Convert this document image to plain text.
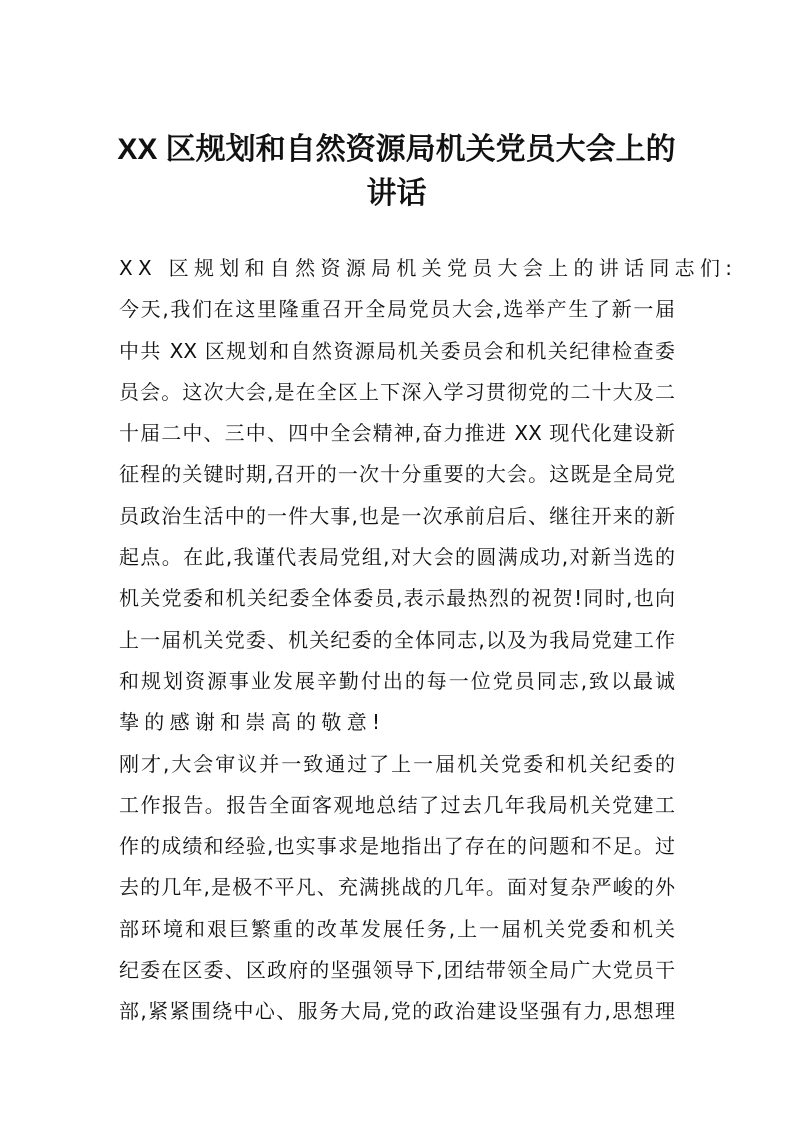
XX 区规划和自然资源局机关党员大会上的
讲话
XX 区规划和自然资源局机关党员大会上的讲话同志们:
今天,我们在这里隆重召开全局党员大会,选举产生了新一届
中共 XX 区规划和自然资源局机关委员会和机关纪律检查委
员会。这次大会,是在全区上下深入学习贯彻党的二十大及二
十届二中、三中、四中全会精神,奋力推进 XX 现代化建设新
征程的关键时期,召开的一次十分重要的大会。这既是全局党
员政治生活中的一件大事,也是一次承前启后、继往开来的新
起点。在此,我谨代表局党组,对大会的圆满成功,对新当选的
机关党委和机关纪委全体委员,表示最热烈的祝贺!同时,也向
上一届机关党委、机关纪委的全体同志,以及为我局党建工作
和规划资源事业发展辛勤付出的每一位党员同志,致以最诚
挚的感谢和崇高的敬意!
刚才,大会审议并一致通过了上一届机关党委和机关纪委的
工作报告。报告全面客观地总结了过去几年我局机关党建工
作的成绩和经验,也实事求是地指出了存在的问题和不足。过
去的几年,是极不平凡、充满挑战的几年。面对复杂严峻的外
部环境和艰巨繁重的改革发展任务,上一届机关党委和机关
纪委在区委、区政府的坚强领导下,团结带领全局广大党员干
部,紧紧围绕中心、服务大局,党的政治建设坚强有力,思想理
